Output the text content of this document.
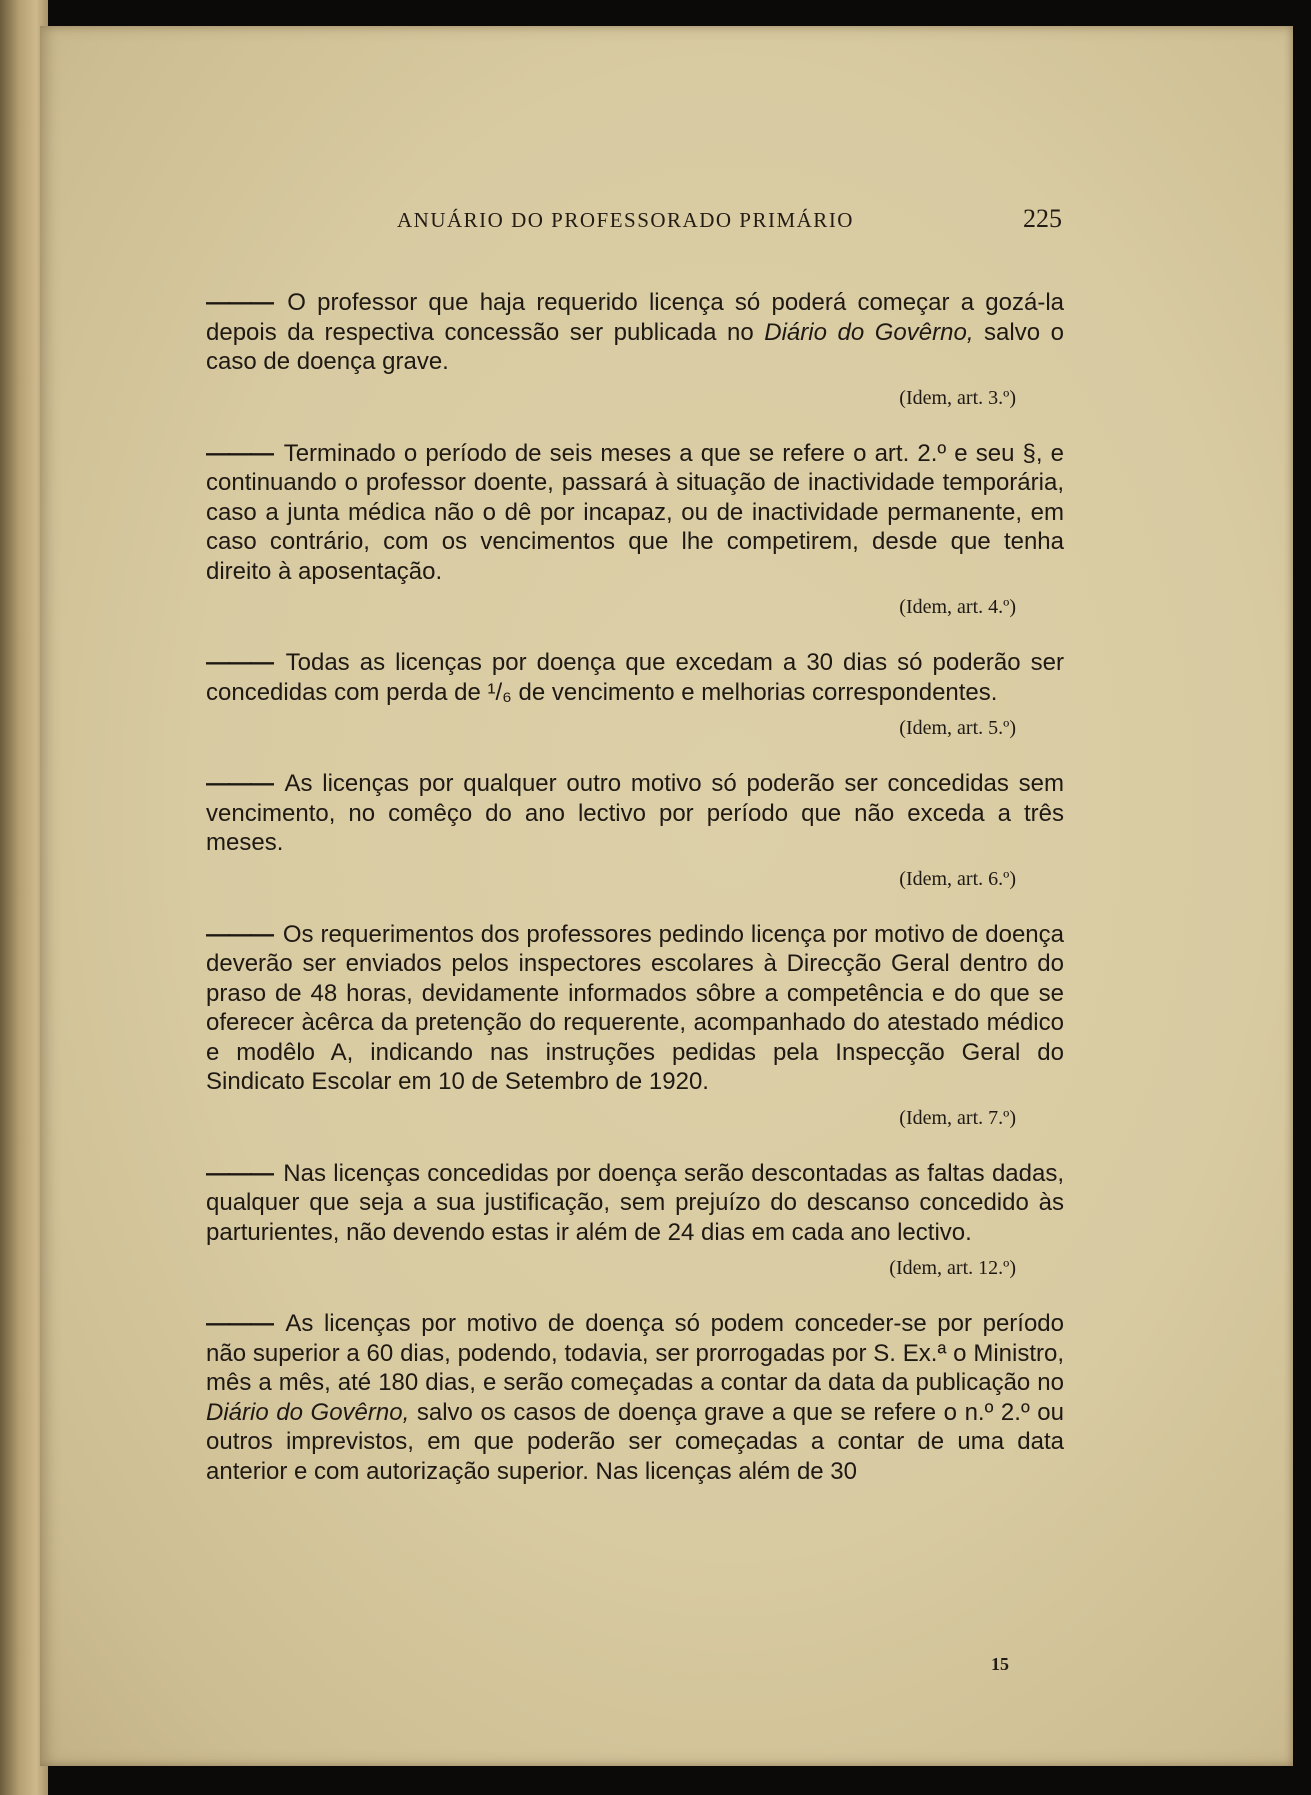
ANUÁRIO DO PROFESSORADO PRIMÁRIO	225

——— O professor que haja requerido licença só poderá começar a gozá-la depois da respectiva concessão ser publicada no Diário do Govêrno, salvo o caso de doença grave.

(Idem, art. 3.º)

——— Terminado o período de seis meses a que se refere o art. 2.º e seu §, e continuando o professor doente, passará à situação de inactividade temporária, caso a junta médica não o dê por incapaz, ou de inactividade permanente, em caso contrário, com os vencimentos que lhe competirem, desde que tenha direito à aposentação.

(Idem, art. 4.º)

——— Todas as licenças por doença que excedam a 30 dias só poderão ser concedidas com perda de ¹/₆ de vencimento e melhorias correspondentes.

(Idem, art. 5.º)

——— As licenças por qualquer outro motivo só poderão ser concedidas sem vencimento, no comêço do ano lectivo por período que não exceda a três meses.

(Idem, art. 6.º)

——— Os requerimentos dos professores pedindo licença por motivo de doença deverão ser enviados pelos inspectores escolares à Direcção Geral dentro do praso de 48 horas, devidamente informados sôbre a competência e do que se oferecer àcêrca da pretenção do requerente, acompanhado do atestado médico e modêlo A, indicando nas instruções pedidas pela Inspecção Geral do Sindicato Escolar em 10 de Setembro de 1920.

(Idem, art. 7.º)

——— Nas licenças concedidas por doença serão descontadas as faltas dadas, qualquer que seja a sua justificação, sem prejuízo do descanso concedido às parturientes, não devendo estas ir além de 24 dias em cada ano lectivo.

(Idem, art. 12.º)

——— As licenças por motivo de doença só podem conceder-se por período não superior a 60 dias, podendo, todavia, ser prorrogadas por S. Ex.ª o Ministro, mês a mês, até 180 dias, e serão começadas a contar da data da publicação no Diário do Govêrno, salvo os casos de doença grave a que se refere o n.º 2.º ou outros imprevistos, em que poderão ser começadas a contar de uma data anterior e com autorização superior. Nas licenças além de 30

15
